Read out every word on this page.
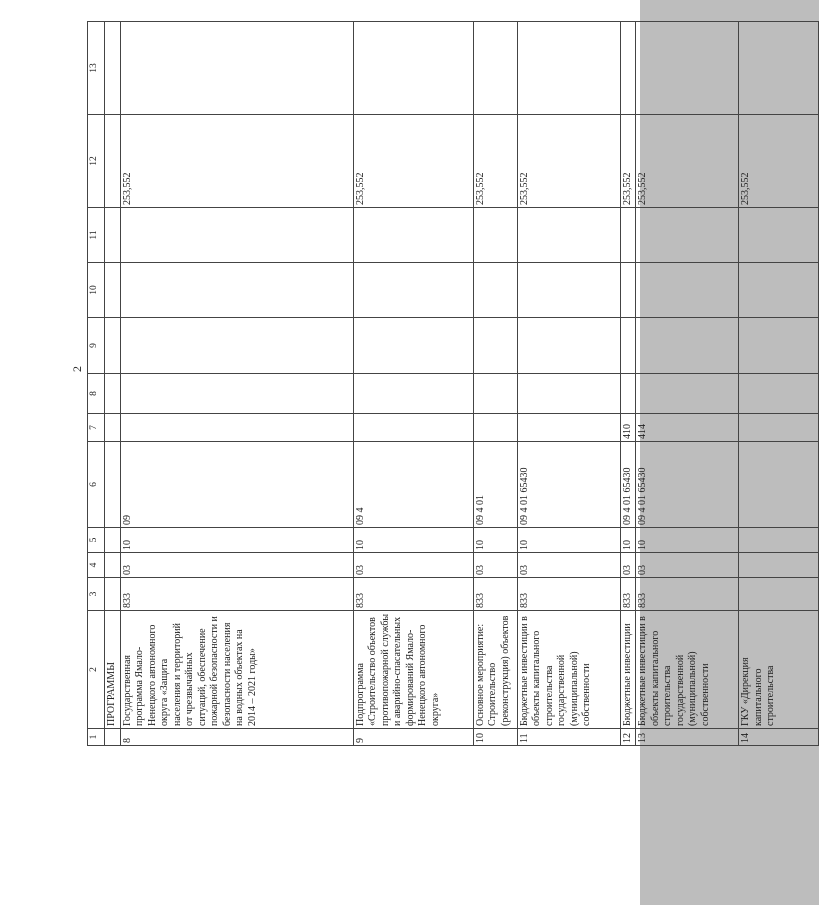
2
1	2	3	4	5	6	7	8	9	10	11	12	13
	ПРОГРАММЫ											
8	Государственная программа Ямало-Ненецкого автономного округа «Защита населения и территорий от чрезвычайных ситуаций, обеспечение пожарной безопасности и безопасности населения на водных объектах на 2014 – 2021 годы»	833	03	10	09						253,552	
9	Подпрограмма «Строительство объектов противопожарной службы и аварийно-спасательных формирований Ямало-Ненецкого автономного округа»	833	03	10	09 4						253,552	
10	Основное мероприятие: Строительство (реконструкция) объектов	833	03	10	09 4 01						253,552	
11	Бюджетные инвестиции в объекты капитального строительства государственной (муниципальной) собственности	833	03	10	09 4 01 65430						253,552	
12	Бюджетные инвестиции	833	03	10	09 4 01 65430	410					253,552	
13	Бюджетные инвестиции в объекты капитального строительства государственной (муниципальной) собственности	833	03	10	09 4 01 65430	414					253,552	
14	ГКУ «Дирекция капитального строительства										253,552	
